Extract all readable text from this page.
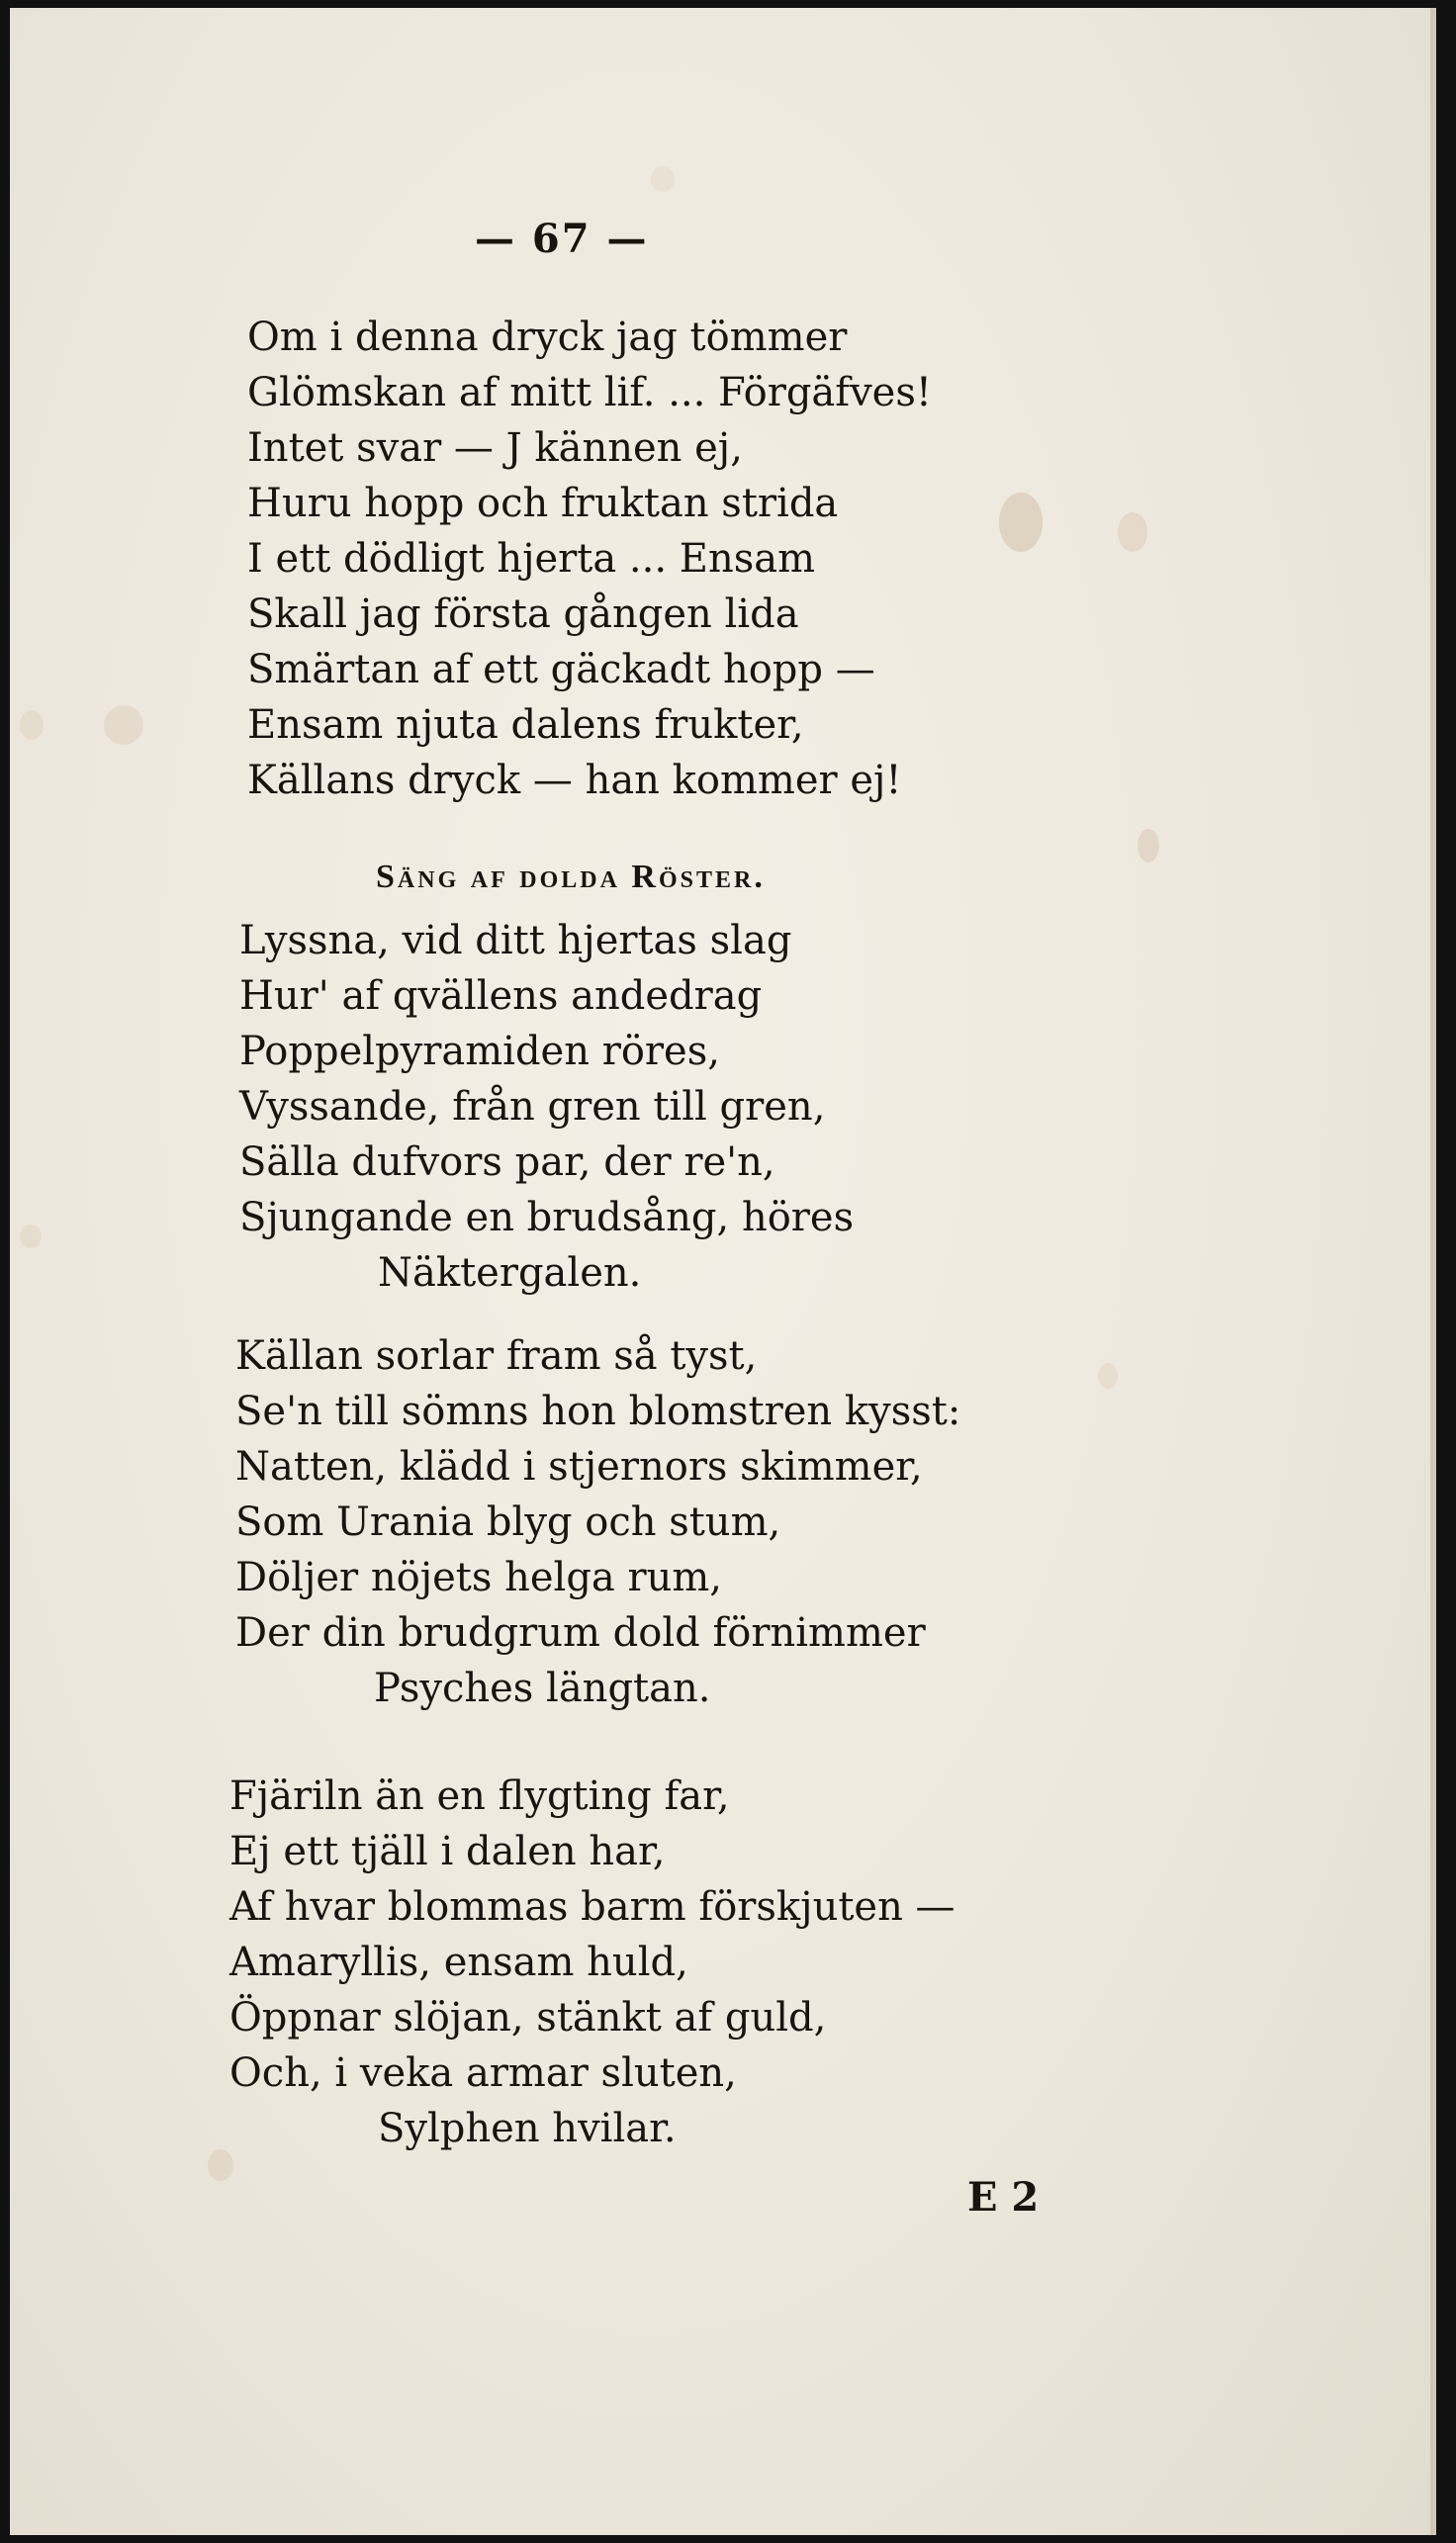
— 67 —
Om i denna dryck jag tömmer
Glömskan af mitt lif. ... Förgäfves!
Intet svar — J kännen ej,
Huru hopp och fruktan strida
I ett dödligt hjerta ... Ensam
Skall jag första gången lida
Smärtan af ett gäckadt hopp —
Ensam njuta dalens frukter,
Källans dryck — han kommer ej!
Säng af dolda Röster.
Lyssna, vid ditt hjertas slag
Hur' af qvällens andedrag
Poppelpyramiden röres,
Vyssande, från gren till gren,
Sälla dufvors par, der re'n,
Sjungande en brudsång, höres
Näktergalen.
Källan sorlar fram så tyst,
Se'n till sömns hon blomstren kysst:
Natten, klädd i stjernors skimmer,
Som Urania blyg och stum,
Döljer nöjets helga rum,
Der din brudgrum dold förnimmer
Psyches längtan.
Fjäriln än en flygting far,
Ej ett tjäll i dalen har,
Af hvar blommas barm förskjuten —
Amaryllis, ensam huld,
Öppnar slöjan, stänkt af guld,
Och, i veka armar sluten,
Sylphen hvilar.
E 2
